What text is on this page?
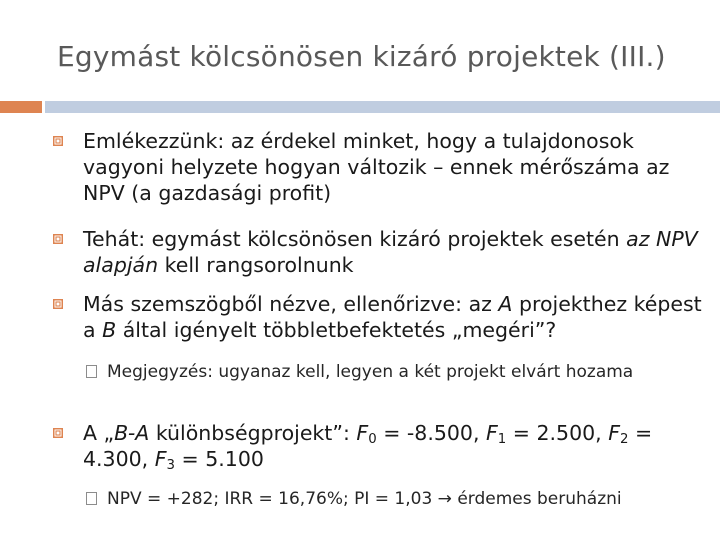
Egymást kölcsönösen kizáró projektek (III.)
Emlékezzünk: az érdekel minket, hogy a tulajdonosok vagyoni helyzete hogyan változik – ennek mérőszáma az NPV (a gazdasági profit)
Tehát: egymást kölcsönösen kizáró projektek esetén az NPV alapján kell rangsorolnunk
Más szemszögből nézve, ellenőrizve: az A projekthez képest a B által igényelt többletbefektetés „megéri”?
Megjegyzés: ugyanaz kell, legyen a két projekt elvárt hozama
A „B-A különbségprojekt”: $F_0 = -8.500$, $F_1 = 2.500$, $F_2 = 4.300$, $F_3 = 5.100$
NPV = +282; IRR = 16,76%; PI = 1,03 → érdemes beruházni
